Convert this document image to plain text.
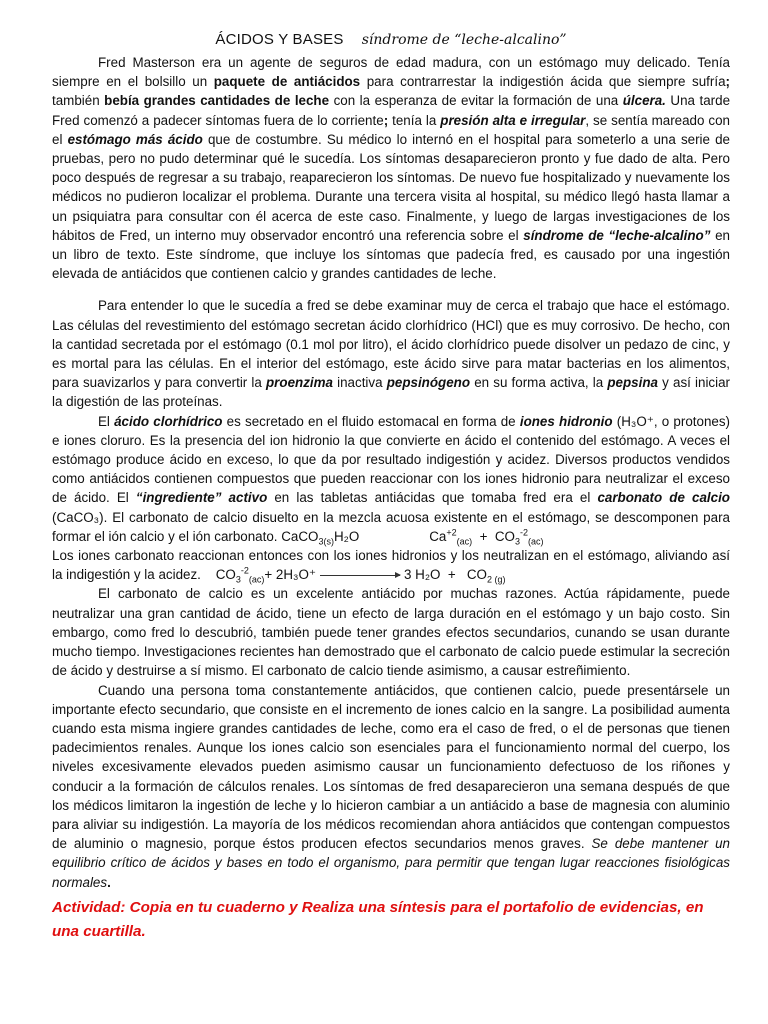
ÁCIDOS Y BASES síndrome de “leche-alcalino”

Fred Masterson era un agente de seguros de edad madura, con un estómago muy delicado. Tenía siempre en el bolsillo un paquete de antiácidos para contrarrestar la indigestión ácida que siempre sufría; también bebía grandes cantidades de leche con la esperanza de evitar la formación de una úlcera. Una tarde Fred comenzó a padecer síntomas fuera de lo corriente; tenía la presión alta e irregular, se sentía mareado con el estómago más ácido que de costumbre. Su médico lo internó en el hospital para someterlo a una serie de pruebas, pero no pudo determinar qué le sucedía. Los síntomas desaparecieron pronto y fue dado de alta. Pero poco después de regresar a su trabajo, reaparecieron los síntomas. De nuevo fue hospitalizado y nuevamente los médicos no pudieron localizar el problema. Durante una tercera visita al hospital, su médico llegó hasta llamar a un psiquiatra para consultar con él acerca de este caso. Finalmente, y luego de largas investigaciones de los hábitos de Fred, un interno muy observador encontró una referencia sobre el síndrome de “leche-alcalino” en un libro de texto. Este síndrome, que incluye los síntomas que padecía fred, es causado por una ingestión elevada de antiácidos que contienen calcio y grandes cantidades de leche.

Para entender lo que le sucedía a fred se debe examinar muy de cerca el trabajo que hace el estómago. Las células del revestimiento del estómago secretan ácido clorhídrico (HCl) que es muy corrosivo. De hecho, con la cantidad secretada por el estómago (0.1 mol por litro), el ácido clorhídrico puede disolver un pedazo de cinc, y es mortal para las células. En el interior del estómago, este ácido sirve para matar bacterias en los alimentos, para suavizarlos y para convertir la proenzima inactiva pepsinógeno en su forma activa, la pepsina y así iniciar la digestión de las proteínas.

El ácido clorhídrico es secretado en el fluido estomacal en forma de iones hidronio (H₃O⁺, o protones) e iones cloruro. Es la presencia del ion hidronio la que convierte en ácido el contenido del estómago. A veces el estómago produce ácido en exceso, lo que da por resultado indigestión y acidez. Diversos productos vendidos como antiácidos contienen compuestos que pueden reaccionar con los iones hidronio para neutralizar el exceso de ácido. El “ingrediente” activo en las tabletas antiácidas que tomaba fred era el carbonato de calcio (CaCO₃). El carbonato de calcio disuelto en la mezcla acuosa existente en el estómago, se descomponen para formar el ión calcio y el ión carbonato. CaCO$_{3(s)}$H₂O	$Ca^{+2}_{(ac)} + CO_3^{-2}_{(ac)}$
Los iones carbonato reaccionan entonces con los iones hidronios y los neutralizan en el estómago, aliviando así la indigestión y la acidez.    $CO_3^{-2}_{(ac)}+ 2H_3O^+$	3 $H_2O + CO_{2 (g)}$

El carbonato de calcio es un excelente antiácido por muchas razones. Actúa rápidamente, puede neutralizar una gran cantidad de ácido, tiene un efecto de larga duración en el estómago y un bajo costo. Sin embargo, como fred lo descubrió, también puede tener grandes efectos secundarios, cunando se usan durante mucho tiempo. Investigaciones recientes han demostrado que el carbonato de calcio puede estimular la secreción de ácido y destruirse a sí mismo. El carbonato de calcio tiende asimismo, a causar estreñimiento.

Cuando una persona toma constantemente antiácidos, que contienen calcio, puede presentársele un importante efecto secundario, que consiste en el incremento de iones calcio en la sangre. La posibilidad aumenta cuando esta misma ingiere grandes cantidades de leche, como era el caso de fred, o el de personas que tienen padecimientos renales. Aunque los iones calcio son esenciales para el funcionamiento normal del cuerpo, los niveles excesivamente elevados pueden asimismo causar un funcionamiento defectuoso de los riñones y conducir a la formación de cálculos renales. Los síntomas de fred desaparecieron una semana después de que los médicos limitaron la ingestión de leche y lo hicieron cambiar a un antiácido a base de magnesia con aluminio para aliviar su indigestión. La mayoría de los médicos recomiendan ahora antiácidos que contengan compuestos de aluminio o magnesio, porque éstos producen efectos secundarios menos graves. Se debe mantener un equilibrio crítico de ácidos y bases en todo el organismo, para permitir que tengan lugar reacciones fisiológicas normales.

Actividad: Copia en tu cuaderno y Realiza una síntesis para el portafolio de evidencias, en una cuartilla.
